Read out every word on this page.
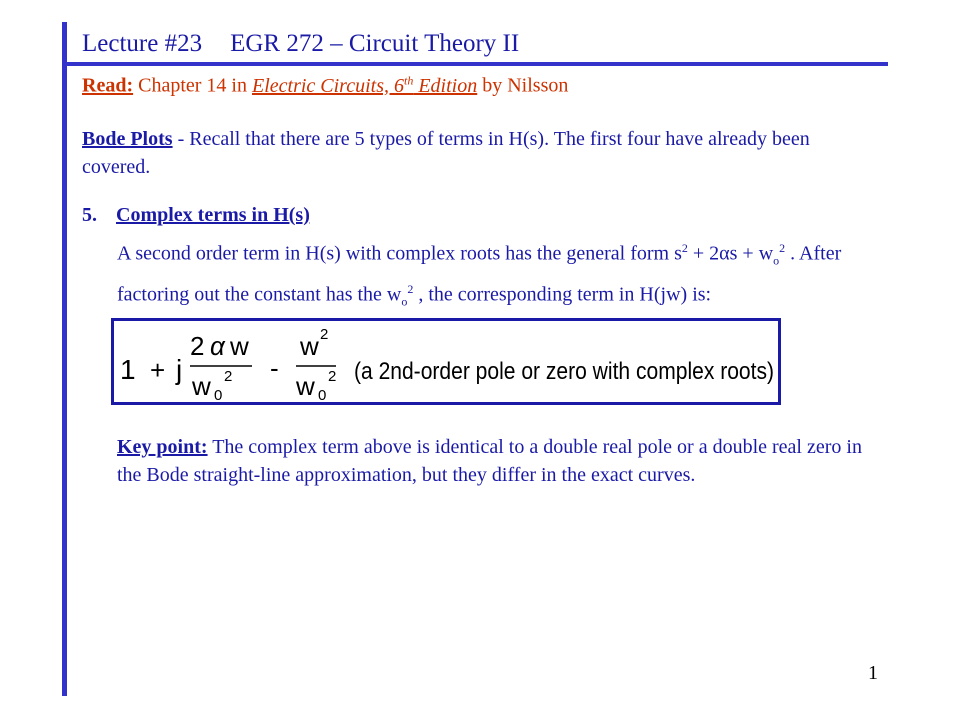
Lecture #23 EGR 272 – Circuit Theory II
Read: Chapter 14 in Electric Circuits, 6th Edition by Nilsson
Bode Plots - Recall that there are 5 types of terms in H(s). The first four have already been covered.
5. Complex terms in H(s)
A second order term in H(s) with complex roots has the general form $s^2 + 2\alpha s + w_o^2$ . After factoring out the constant has the $w_o^2$ , the corresponding term in H(jw) is:
1 + j
2 α w
w 0
2 -
w 2
w 0
2 (a 2nd-order pole or zero with complex roots)
Key point: The complex term above is identical to a double real pole or a double real zero in the Bode straight-line approximation, but they differ in the exact curves.
1
